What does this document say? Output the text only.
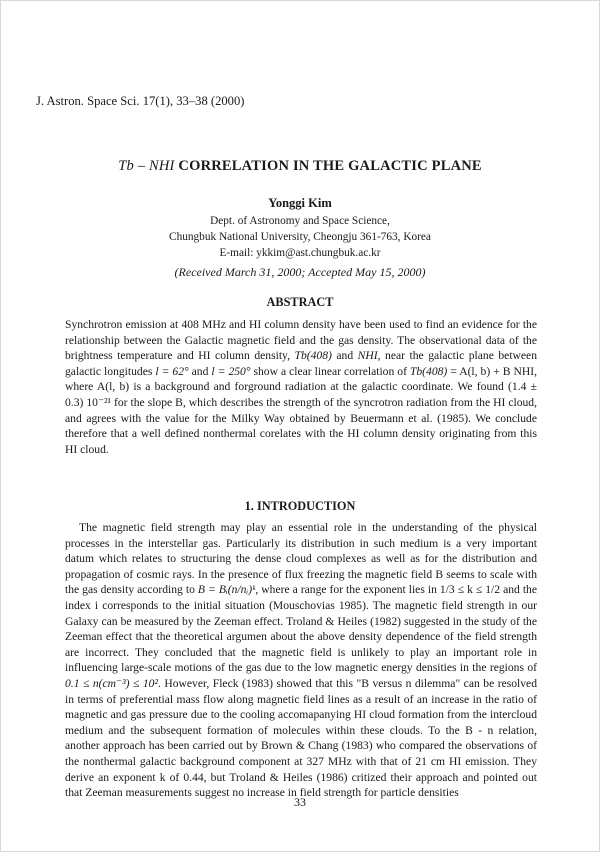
J. Astron. Space Sci. 17(1), 33–38 (2000)
Tb – NHI CORRELATION IN THE GALACTIC PLANE
Yonggi Kim
Dept. of Astronomy and Space Science,
Chungbuk National University, Cheongju 361-763, Korea
E-mail: ykkim@ast.chungbuk.ac.kr
(Received March 31, 2000; Accepted May 15, 2000)
ABSTRACT
Synchrotron emission at 408 MHz and HI column density have been used to find an evidence for the relationship between the Galactic magnetic field and the gas density. The observational data of the brightness temperature and HI column density, Tb(408) and NHI, near the galactic plane between galactic longitudes l = 62° and l = 250° show a clear linear correlation of Tb(408) = A(l, b) + B NHI, where A(l, b) is a background and forground radiation at the galactic coordinate. We found (1.4 ± 0.3) 10⁻²¹ for the slope B, which describes the strength of the syncrotron radiation from the HI cloud, and agrees with the value for the Milky Way obtained by Beuermann et al. (1985). We conclude therefore that a well defined nonthermal corelates with the HI column density originating from this HI cloud.
1. INTRODUCTION
The magnetic field strength may play an essential role in the understanding of the physical processes in the interstellar gas. Particularly its distribution in such medium is a very important datum which relates to structuring the dense cloud complexes as well as for the distribution and propagation of cosmic rays. In the presence of flux freezing the magnetic field B seems to scale with the gas density according to B = Bᵢ(n/nᵢ)ᵏ, where a range for the exponent lies in 1/3 ≤ k ≤ 1/2 and the index i corresponds to the initial situation (Mouschovias 1985). The magnetic field strength in our Galaxy can be measured by the Zeeman effect. Troland & Heiles (1982) suggested in the study of the Zeeman effect that the theoretical argumen about the above density dependence of the field strength are incorrect. They concluded that the magnetic field is unlikely to play an important role in influencing large-scale motions of the gas due to the low magnetic energy densities in the regions of 0.1 ≤ n(cm⁻³) ≤ 10². However, Fleck (1983) showed that this "B versus n dilemma" can be resolved in terms of preferential mass flow along magnetic field lines as a result of an increase in the ratio of magnetic and gas pressure due to the cooling accomapanying HI cloud formation from the intercloud medium and the subsequent formation of molecules within these clouds. To the B - n relation, another approach has been carried out by Brown & Chang (1983) who compared the observations of the nonthermal galactic background component at 327 MHz with that of 21 cm HI emission. They derive an exponent k of 0.44, but Troland & Heiles (1986) critized their approach and pointed out that Zeeman measurements suggest no increase in field strength for particle densities
33
